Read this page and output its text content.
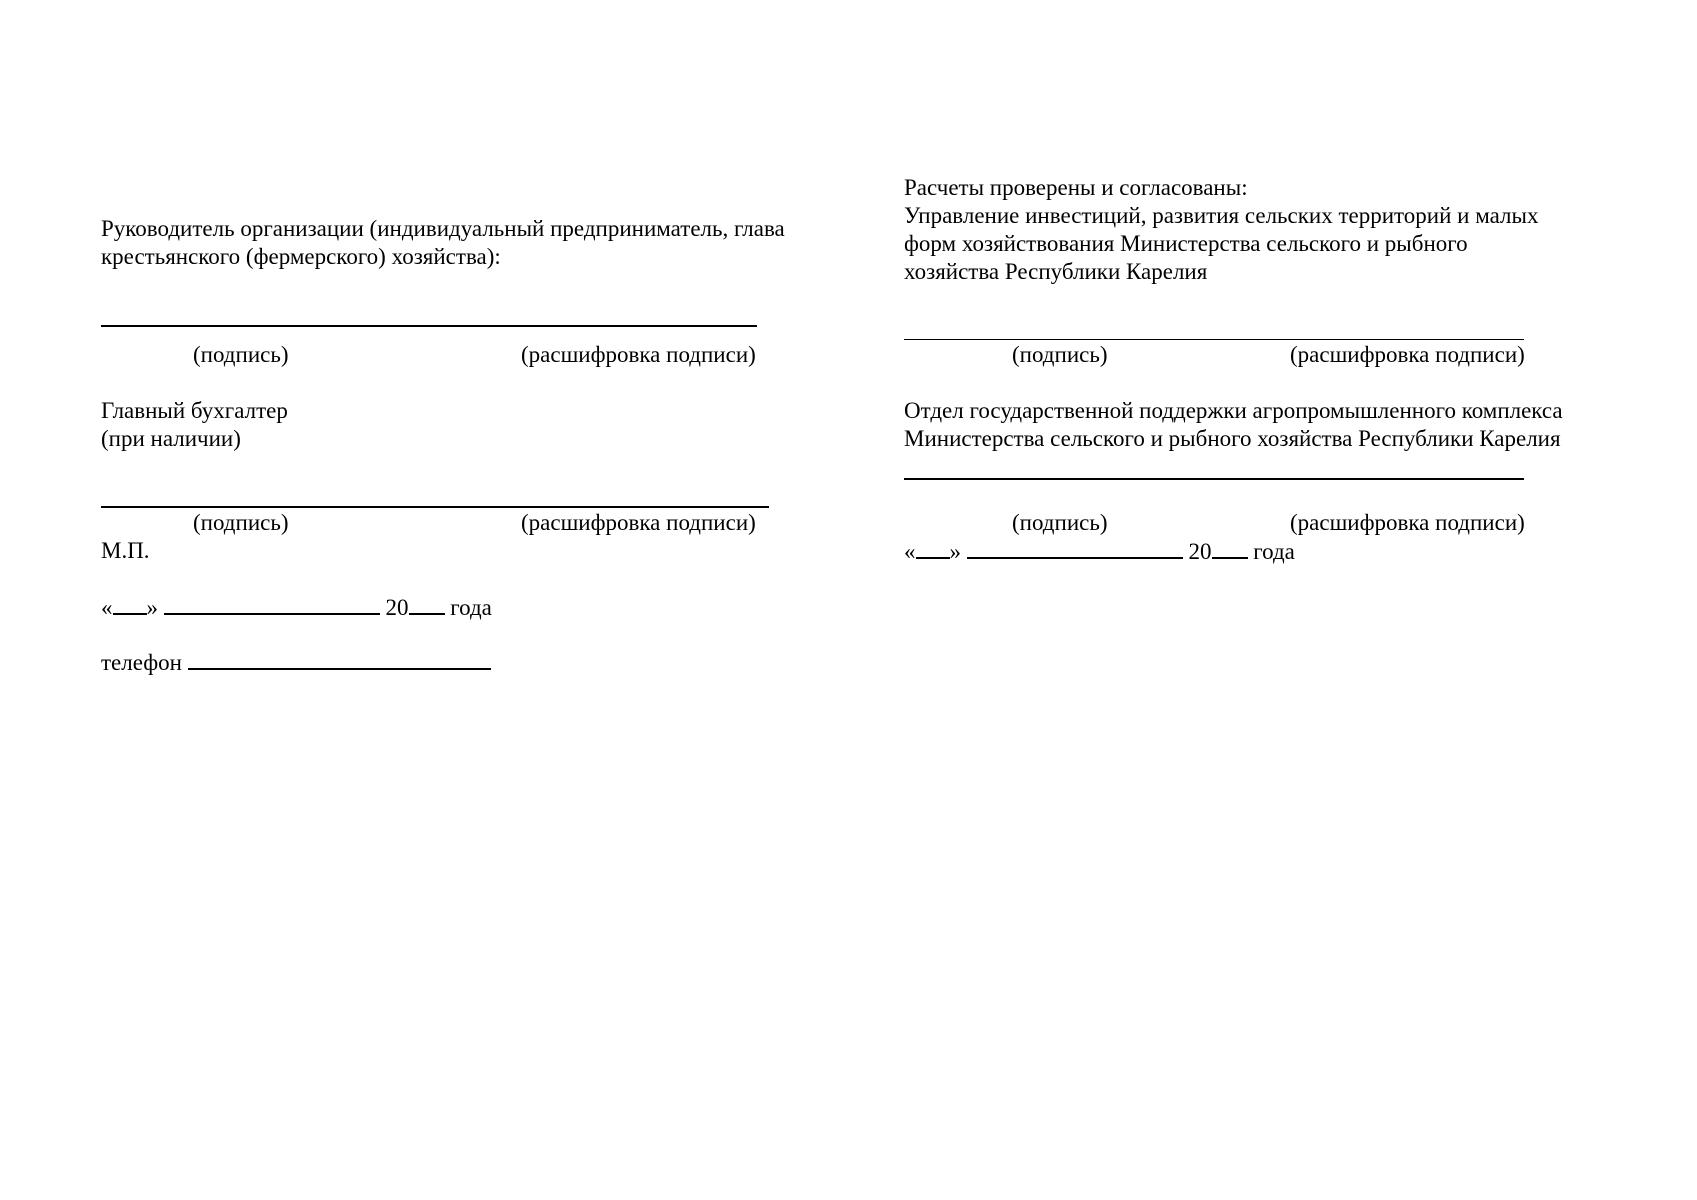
Руководитель организации (индивидуальный предприниматель, глава
крестьянского (фермерского) хозяйства):
(подпись)	(расшифровка подписи)
Главный бухгалтер
(при наличии)
(подпись)	(расшифровка подписи)
М.П.
« »	20 года
телефон
Расчеты проверены и согласованы:
Управление инвестиций, развития сельских территорий и малых
форм хозяйствования Министерства сельского и рыбного
хозяйства Республики Карелия
(подпись)	(расшифровка подписи)
Отдел государственной поддержки агропромышленного комплекса
Министерства сельского и рыбного хозяйства Республики Карелия
(подпись)	(расшифровка подписи)
« »	20 года
